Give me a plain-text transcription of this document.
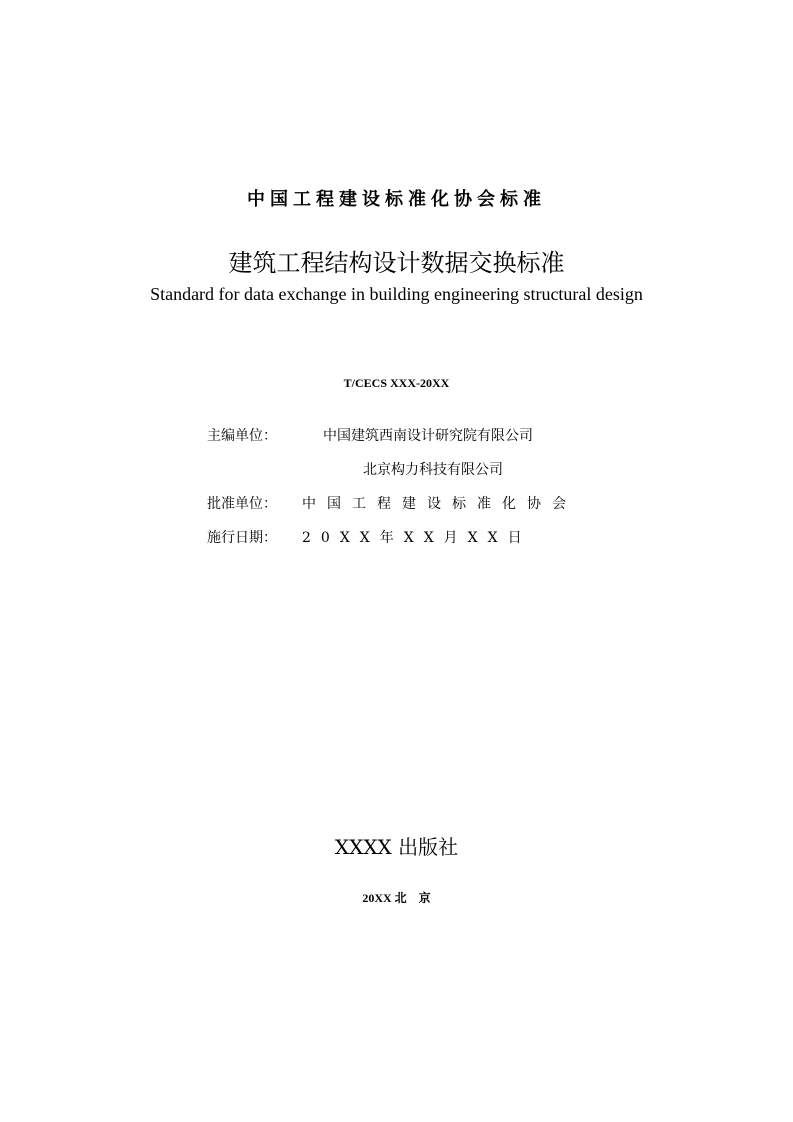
中国工程建设标准化协会标准
建筑工程结构设计数据交换标准
Standard for data exchange in building engineering structural design
T/CECS XXX-20XX
主编单位：	中国建筑西南设计研究院有限公司
北京构力科技有限公司
批准单位： 中国工程建设标准化协会
施行日期： 20XX年XX月XX日
XXXX 出版社
20XX 北　京
